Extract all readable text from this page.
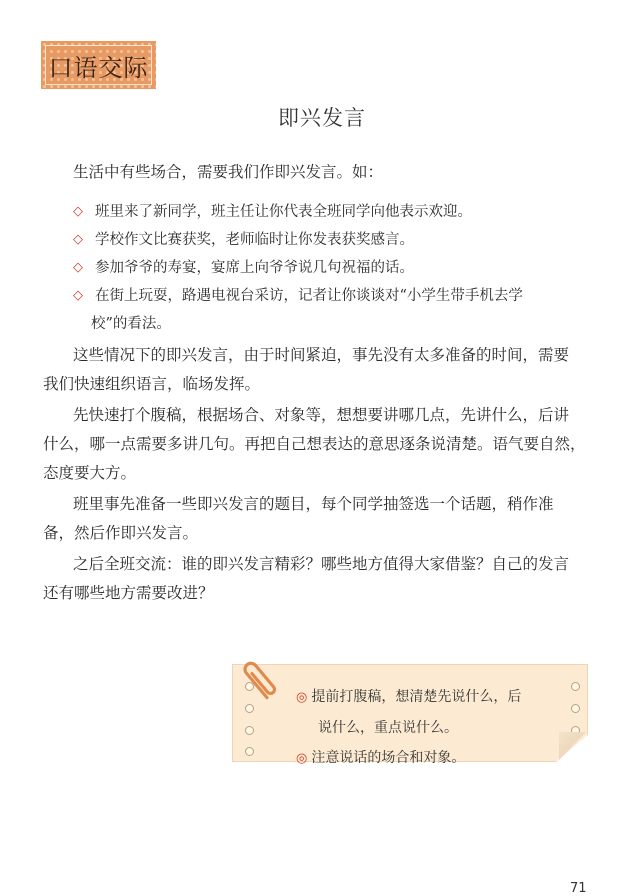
口语交际
即兴发言
生活中有些场合，需要我们作即兴发言。如：
◇ 班里来了新同学，班主任让你代表全班同学向他表示欢迎。
◇ 学校作文比赛获奖，老师临时让你发表获奖感言。
◇ 参加爷爷的寿宴，宴席上向爷爷说几句祝福的话。
◇ 在街上玩耍，路遇电视台采访，记者让你谈谈对“小学生带手机去学
校”的看法。
这些情况下的即兴发言，由于时间紧迫，事先没有太多准备的时间，需要
我们快速组织语言，临场发挥。
先快速打个腹稿，根据场合、对象等，想想要讲哪几点，先讲什么，后讲
什么，哪一点需要多讲几句。再把自己想表达的意思逐条说清楚。语气要自然，
态度要大方。
班里事先准备一些即兴发言的题目，每个同学抽签选一个话题，稍作准
备，然后作即兴发言。
之后全班交流：谁的即兴发言精彩？哪些地方值得大家借鉴？自己的发言
还有哪些地方需要改进？
◎ 提前打腹稿，想清楚先说什么，后
说什么，重点说什么。
◎ 注意说话的场合和对象。
71
